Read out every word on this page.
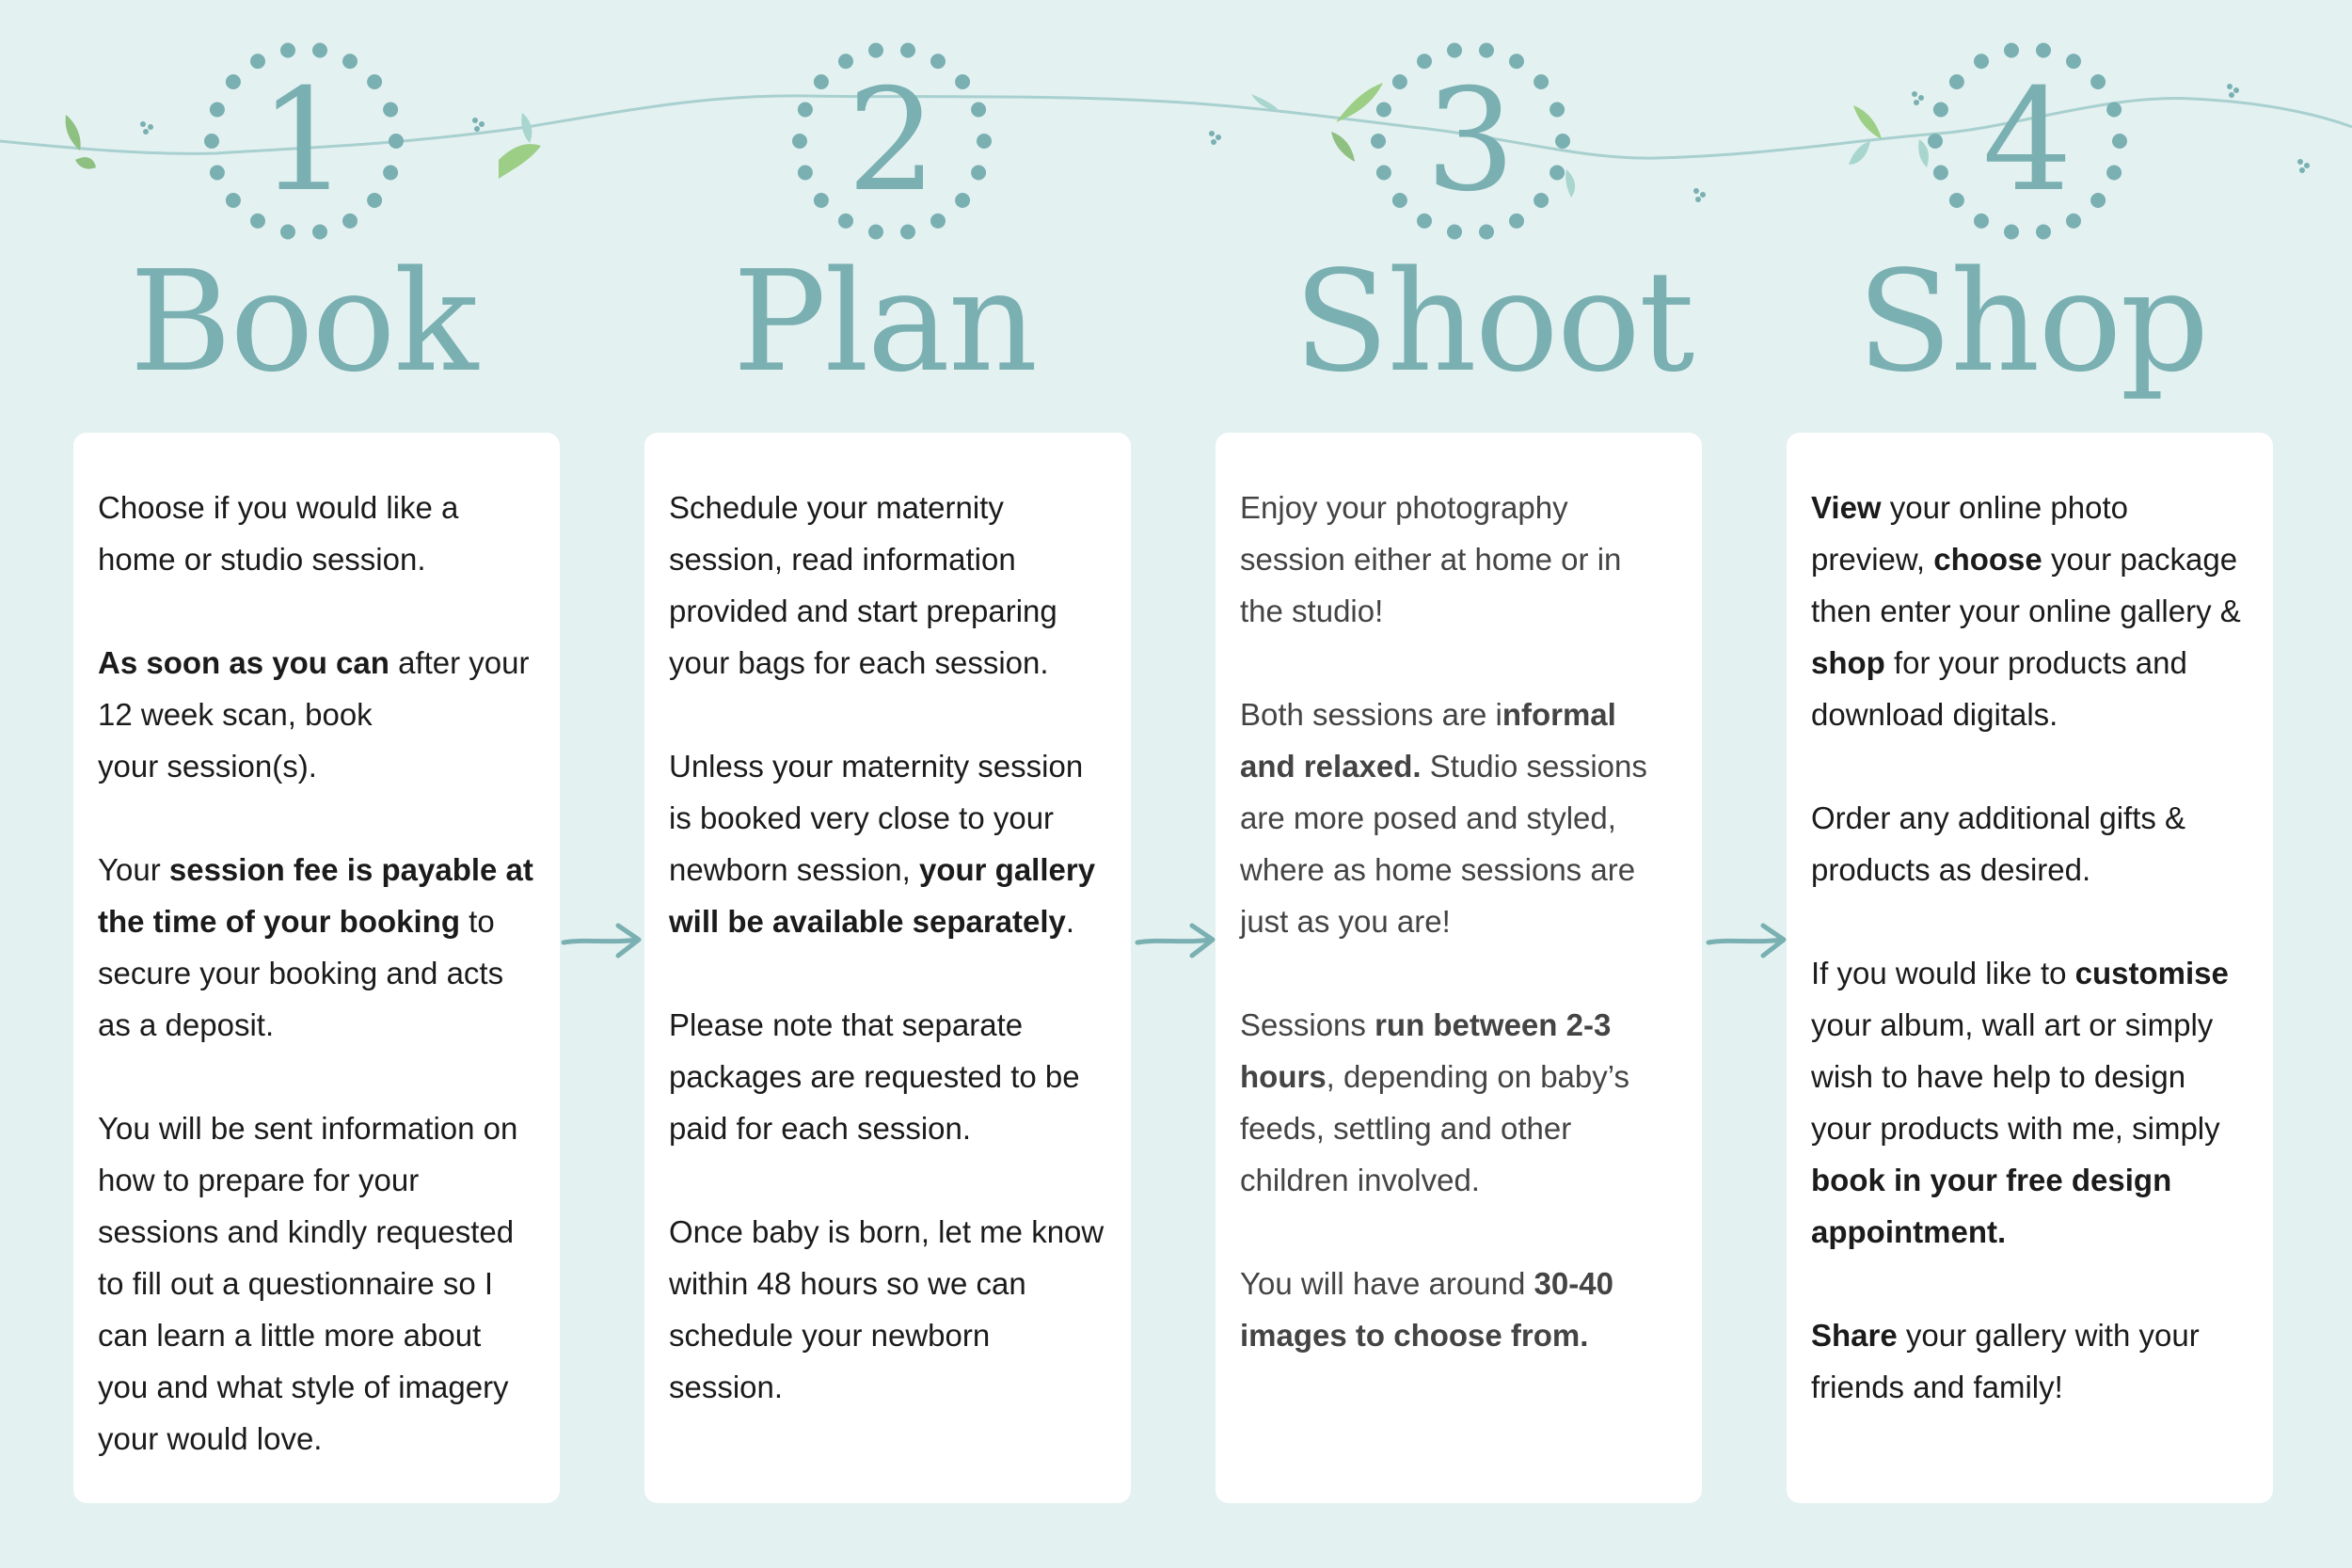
1	2	3	4
Book	Plan	Shoot Shop

Choose if you would like a
home or studio session.

As soon as you can after your
12 week scan, book
your session(s).

Your session fee is payable at
the time of your booking to
secure your booking and acts
as a deposit.

You will be sent information on
how to prepare for your
sessions and kindly requested
to fill out a questionnaire so I
can learn a little more about
you and what style of imagery
your would love.

Schedule your maternity
session, read information
provided and start preparing
your bags for each session.

Unless your maternity session
is booked very close to your
newborn session, your gallery
will be available separately.

Please note that separate
packages are requested to be
paid for each session.

Once baby is born, let me know
within 48 hours so we can
schedule your newborn session.

Enjoy your photography
session either at home or in
the studio!

Both sessions are informal
and relaxed. Studio sessions
are more posed and styled,
where as home sessions are
just as you are!

Sessions run between 2-3
hours, depending on baby’s
feeds, settling and other
children involved.

You will have around 30-40
images to choose from.

View your online photo
preview, choose your package
then enter your online gallery &
shop for your products and
download digitals.

Order any additional gifts &
products as desired.

If you would like to customise
your album, wall art or simply
wish to have help to design
your products with me, simply
book in your free design
appointment.

Share your gallery with your
friends and family!
